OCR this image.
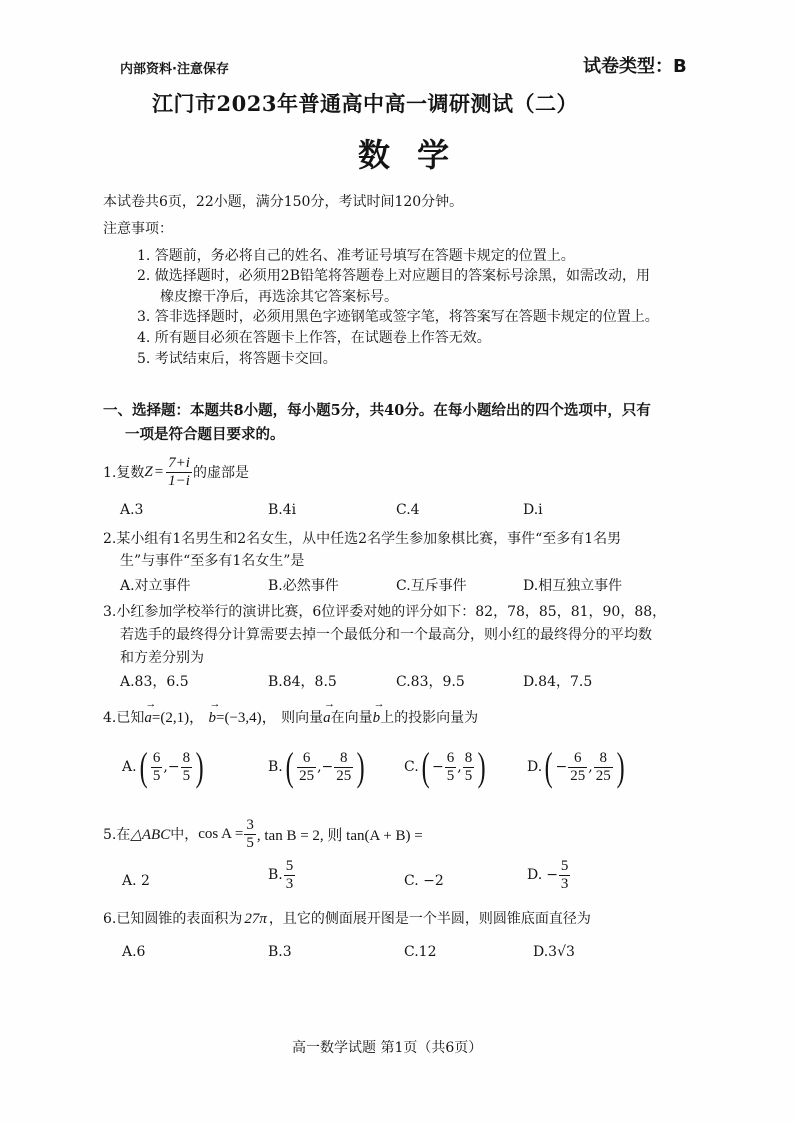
内部资料·注意保存	试卷类型：B
江门市2023年普通高中高一调研测试（二）
数 学
本试卷共6页，22小题，满分150分，考试时间120分钟。
注意事项：
1. 答题前，务必将自己的姓名、准考证号填写在答题卡规定的位置上。
2. 做选择题时，必须用2B铅笔将答题卷上对应题目的答案标号涂黑，如需改动，用
橡皮擦干净后，再选涂其它答案标号。
3. 答非选择题时，必须用黑色字迹钢笔或签字笔，将答案写在答题卡规定的位置上。
4. 所有题目必须在答题卡上作答，在试题卷上作答无效。
5. 考试结束后，将答题卡交回。
一、选择题：本题共8小题，每小题5分，共40分。在每小题给出的四个选项中，只有
一项是符合题目要求的。
1.复数 $Z = \frac{7+i}{1-i}$ 的虚部是
A.3	B.4i	C.4	D.i
2.某小组有1名男生和2名女生，从中任选2名学生参加象棋比赛，事件“至多有1名男
生”与事件“至多有1名女生”是
A.对立事件	B.必然事件	C.互斥事件	D.相互独立事件
3.小红参加学校举行的演讲比赛，6位评委对她的评分如下：82，78，85，81，90，88，
若选手的最终得分计算需要去掉一个最低分和一个最高分，则小红的最终得分的平均数
和方差分别为
A.83，6.5	B.84，8.5	C.83，9.5	D.84，7.5
4.已知→ a=(2,1)， → b=(−3,4)， 则向量→ a在向量→ b上的投影向量为
A. ( $\frac{6}{5}$ , − $\frac{8}{5}$ )	B. ( $\frac{6}{25}$ , − $\frac{8}{25}$ )	C. ( − $\frac{6}{5}$ , $\frac{8}{5}$ )	D. ( − $\frac{6}{25}$ , $\frac{8}{25}$ )
5.在 △ABC 中， $\cos A = \frac{3}{5}$ , tan B = 2, 则 tan(A + B) =
A. 2	B. $\frac{5}{3}$	C. −2	D. − $\frac{5}{3}$
6.已知圆锥的表面积为 27π ，且它的侧面展开图是一个半圆，则圆锥底面直径为
A.6	B.3	C.12	D.3√3
高一数学试题 第1页（共6页）
